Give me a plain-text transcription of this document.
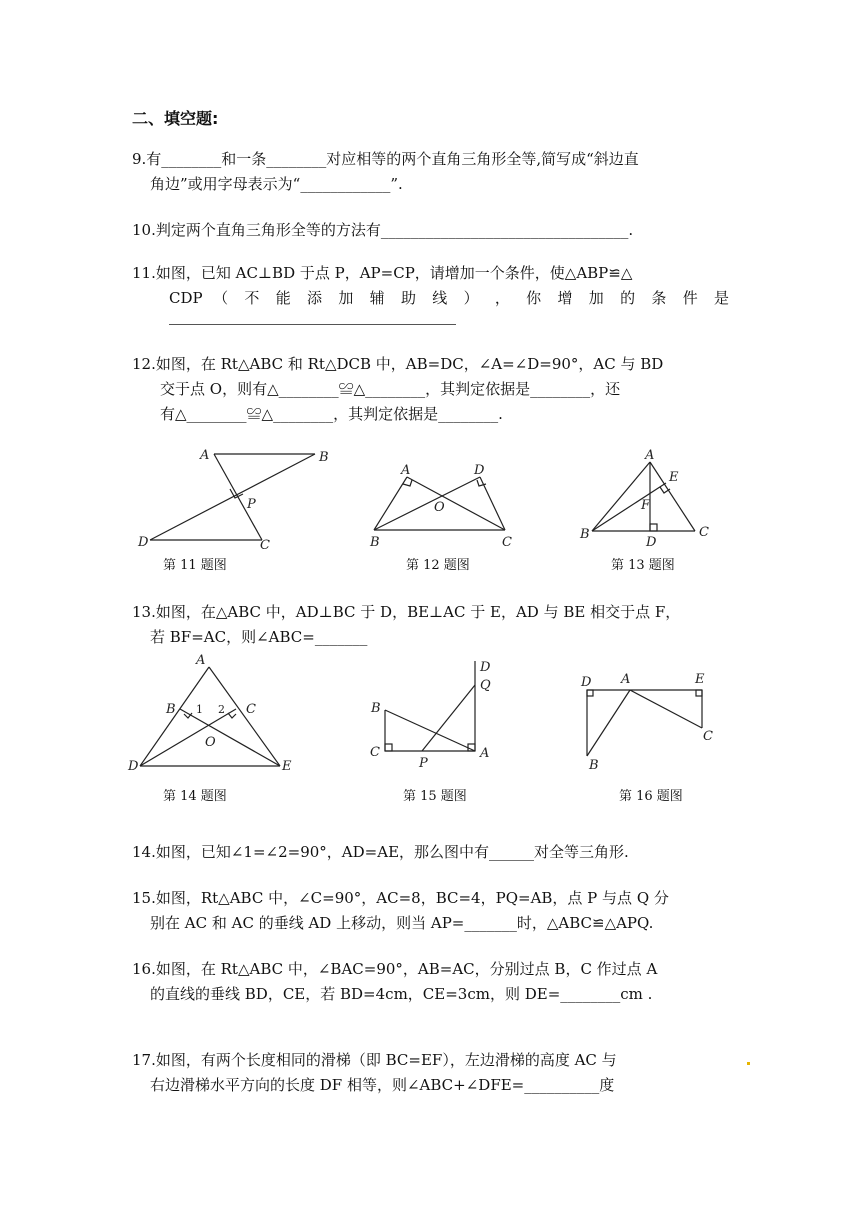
二、填空题:
9.有________和一条________对应相等的两个直角三角形全等,简写成“斜边直
角边”或用字母表示为“____________”.
10.判定两个直角三角形全等的方法有_________________________________.
11.如图，已知 AC⊥BD 于点 P，AP=CP，请增加一个条件，使△ABP≌△
CDP （ 不 能 添 加 辅 助 线 ） ， 你 增 加 的 条 件 是
12.如图，在 Rt△ABC 和 Rt△DCB 中，AB=DC，∠A=∠D=90°，AC 与 BD
交于点 O，则有△________≌△________，其判定依据是________，还
有△________≌△________，其判定依据是________.
A	B
P
D	C
第 11 题图
A	D
O
B	C
第 12 题图
A
E
F
B
D
C
第 13 题图
13.如图，在△ABC 中，AD⊥BC 于 D，BE⊥AC 于 E，AD 与 BE 相交于点 F，
若 BF=AC，则∠ABC=_______
A
B	C
1 2
O
D	E
第 14 题图
D
Q
B
C
P
A
第 15 题图
D A	E
C
B
第 16 题图
14.如图，已知∠1=∠2=90°，AD=AE，那么图中有______对全等三角形.
15.如图，Rt△ABC 中，∠C=90°，AC=8，BC=4，PQ=AB，点 P 与点 Q 分
别在 AC 和 AC 的垂线 AD 上移动，则当 AP=_______时，△ABC≌△APQ.
16.如图，在 Rt△ABC 中，∠BAC=90°，AB=AC，分别过点 B，C 作过点 A
的直线的垂线 BD，CE，若 BD=4cm，CE=3cm，则 DE=________cm .
17.如图，有两个长度相同的滑梯（即 BC=EF），左边滑梯的高度 AC 与
右边滑梯水平方向的长度 DF 相等，则∠ABC+∠DFE=__________度
